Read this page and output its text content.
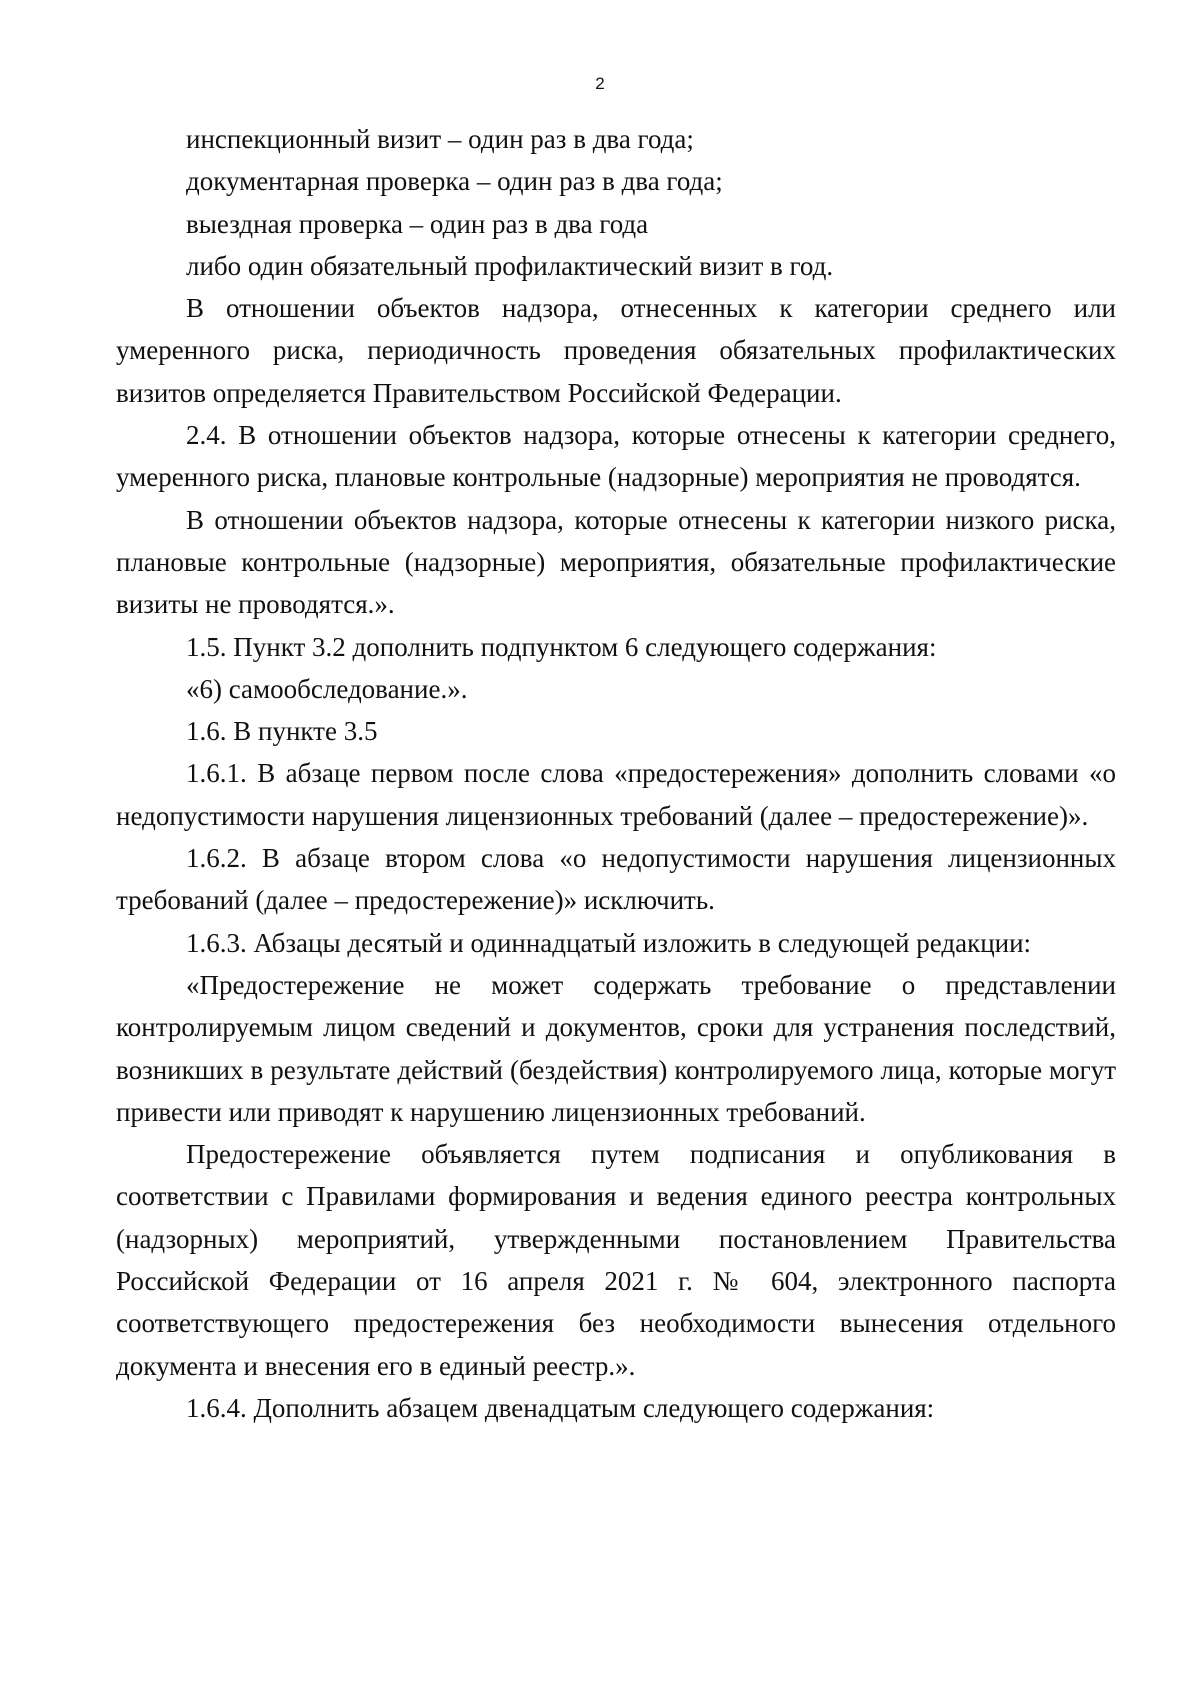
2

инспекционный визит – один раз в два года;

документарная проверка – один раз в два года;

выездная проверка – один раз в два года

либо один обязательный профилактический визит в год.

В отношении объектов надзора, отнесенных к категории среднего или умеренного риска, периодичность проведения обязательных профилактических визитов определяется Правительством Российской Федерации.

2.4. В отношении объектов надзора, которые отнесены к категории среднего, умеренного риска, плановые контрольные (надзорные) мероприятия не проводятся.

В отношении объектов надзора, которые отнесены к категории низкого риска, плановые контрольные (надзорные) мероприятия, обязательные профилактические визиты не проводятся.».

1.5. Пункт 3.2 дополнить подпунктом 6 следующего содержания:

«6) самообследование.».

1.6. В пункте 3.5

1.6.1. В абзаце первом после слова «предостережения» дополнить словами «о недопустимости нарушения лицензионных требований (далее – предостережение)».

1.6.2. В абзаце втором слова «о недопустимости нарушения лицензионных требований (далее – предостережение)» исключить.

1.6.3. Абзацы десятый и одиннадцатый изложить в следующей редакции:

«Предостережение не может содержать требование о представлении контролируемым лицом сведений и документов, сроки для устранения последствий, возникших в результате действий (бездействия) контролируемого лица, которые могут привести или приводят к нарушению лицензионных требований.

Предостережение объявляется путем подписания и опубликования в соответствии с Правилами формирования и ведения единого реестра контрольных (надзорных) мероприятий, утвержденными постановлением Правительства Российской Федерации от 16 апреля 2021 г. № 604, электронного паспорта соответствующего предостережения без необходимости вынесения отдельного документа и внесения его в единый реестр.».

1.6.4. Дополнить абзацем двенадцатым следующего содержания:
